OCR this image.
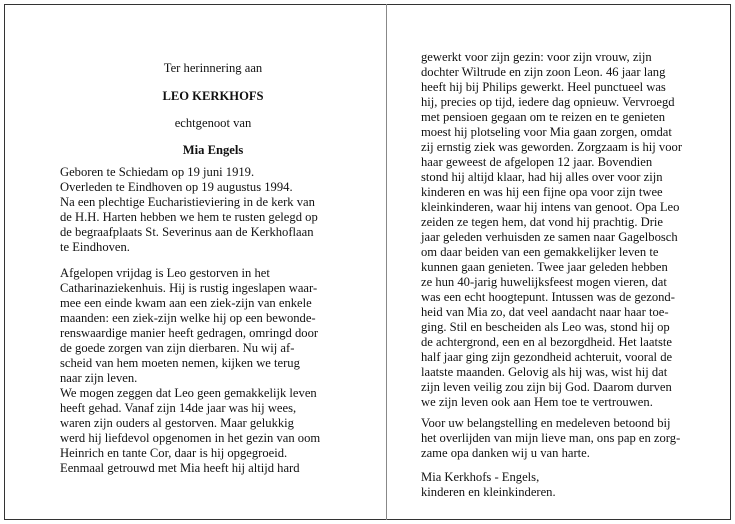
Ter herinnering aan
LEO KERKHOFS
echtgenoot van
Mia Engels
Geboren te Schiedam op 19 juni 1919.
Overleden te Eindhoven op 19 augustus 1994.

Na een plechtige Eucharistieviering in de kerk van

de H.H. Harten hebben we hem te rusten gelegd op

de begraafplaats St. Severinus aan de Kerkhoflaan

te Eindhoven.

Afgelopen vrijdag is Leo gestorven in het

Catharinaziekenhuis. Hij is rustig ingeslapen waar-

mee een einde kwam aan een ziek-zijn van enkele

maanden: een ziek-zijn welke hij op een bewonde-

renswaardige manier heeft gedragen, omringd door

de goede zorgen van zijn dierbaren. Nu wij af-

scheid van hem moeten nemen, kijken we terug

naar zijn leven.

We mogen zeggen dat Leo geen gemakkelijk leven

heeft gehad. Vanaf zijn 14de jaar was hij wees,

waren zijn ouders al gestorven. Maar gelukkig

werd hij liefdevol opgenomen in het gezin van oom

Heinrich en tante Cor, daar is hij opgegroeid.

Eenmaal getrouwd met Mia heeft hij altijd hard

gewerkt voor zijn gezin: voor zijn vrouw, zijn

dochter Wiltrude en zijn zoon Leon. 46 jaar lang

heeft hij bij Philips gewerkt. Heel punctueel was

hij, precies op tijd, iedere dag opnieuw. Vervroegd

met pensioen gegaan om te reizen en te genieten

moest hij plotseling voor Mia gaan zorgen, omdat

zij ernstig ziek was geworden. Zorgzaam is hij voor

haar geweest de afgelopen 12 jaar. Bovendien

stond hij altijd klaar, had hij alles over voor zijn

kinderen en was hij een fijne opa voor zijn twee

kleinkinderen, waar hij intens van genoot. Opa Leo

zeiden ze tegen hem, dat vond hij prachtig. Drie

jaar geleden verhuisden ze samen naar Gagelbosch

om daar beiden van een gemakkelijker leven te

kunnen gaan genieten. Twee jaar geleden hebben

ze hun 40-jarig huwelijksfeest mogen vieren, dat

was een echt hoogtepunt. Intussen was de gezond-

heid van Mia zo, dat veel aandacht naar haar toe-

ging. Stil en bescheiden als Leo was, stond hij op

de achtergrond, een en al bezorgdheid. Het laatste

half jaar ging zijn gezondheid achteruit, vooral de

laatste maanden. Gelovig als hij was, wist hij dat

zijn leven veilig zou zijn bij God. Daarom durven

we zijn leven ook aan Hem toe te vertrouwen.

Voor uw belangstelling en medeleven betoond bij

het overlijden van mijn lieve man, ons pap en zorg-

zame opa danken wij u van harte.

Mia Kerkhofs - Engels,
kinderen en kleinkinderen.
